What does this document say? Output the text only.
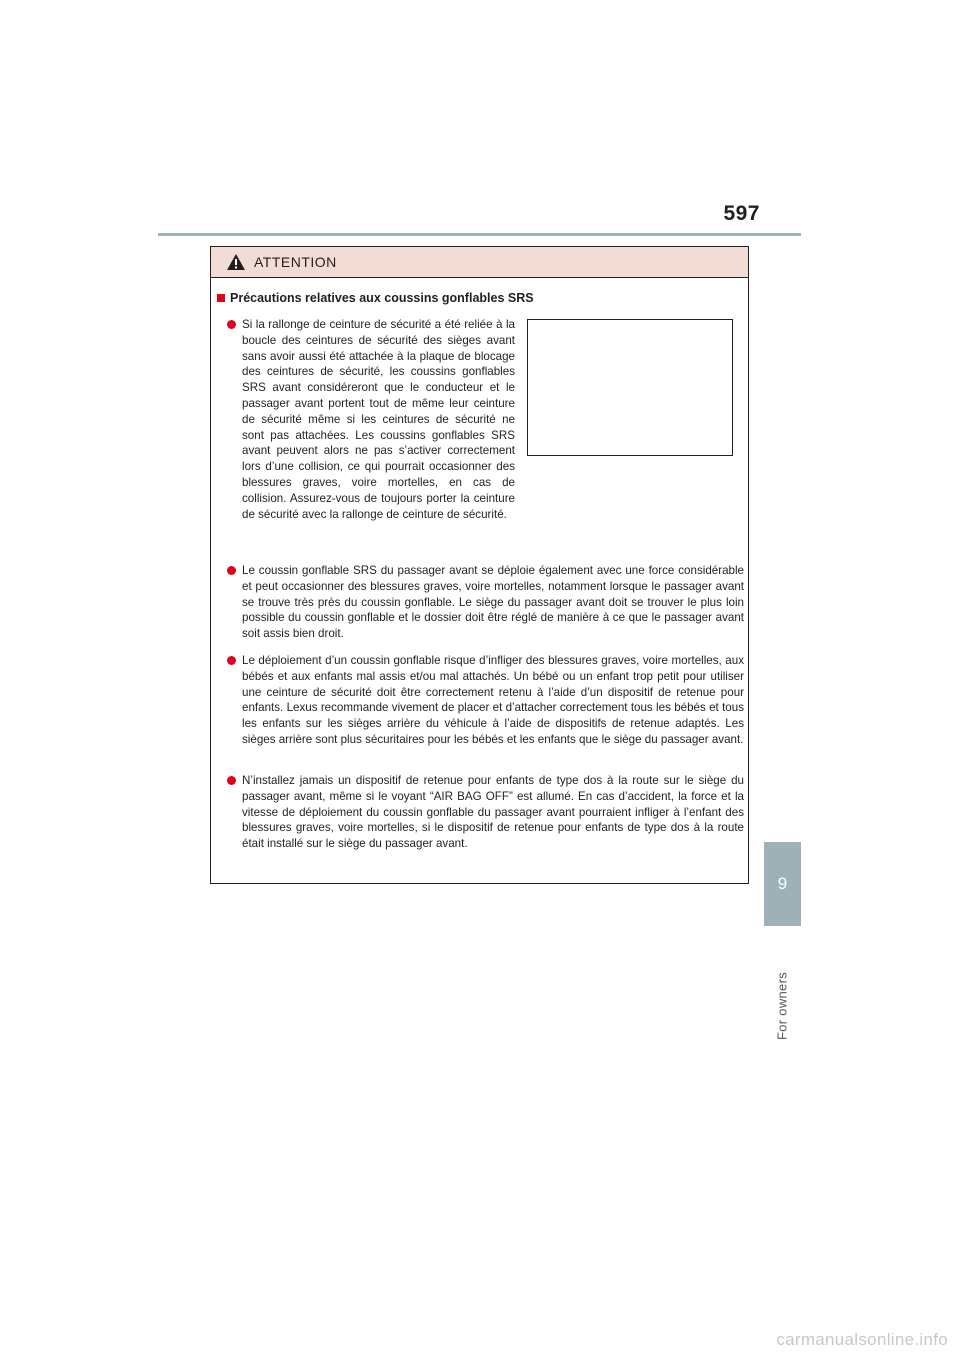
597
9
For owners
ATTENTION
Précautions relatives aux coussins gonflables SRS
Si la rallonge de ceinture de sécurité a été reliée à la boucle des ceintures de sécurité des sièges avant sans avoir aussi été attachée à la plaque de blocage des ceintures de sécurité, les coussins gonflables SRS avant considéreront que le conducteur et le passager avant portent tout de même leur ceinture de sécurité même si les ceintures de sécurité ne sont pas attachées. Les coussins gonflables SRS avant peuvent alors ne pas s’activer correctement lors d’une collision, ce qui pourrait occasionner des blessures graves, voire mortelles, en cas de collision. Assurez-vous de toujours porter la ceinture de sécurité avec la rallonge de ceinture de sécurité.
Le coussin gonflable SRS du passager avant se déploie également avec une force considérable et peut occasionner des blessures graves, voire mortelles, notamment lorsque le passager avant se trouve très près du coussin gonflable. Le siège du passager avant doit se trouver le plus loin possible du coussin gonflable et le dossier doit être réglé de manière à ce que le passager avant soit assis bien droit.
Le déploiement d’un coussin gonflable risque d’infliger des blessures graves, voire mortelles, aux bébés et aux enfants mal assis et/ou mal attachés. Un bébé ou un enfant trop petit pour utiliser une ceinture de sécurité doit être correctement retenu à l’aide d’un dispositif de retenue pour enfants. Lexus recommande vivement de placer et d’attacher correctement tous les bébés et tous les enfants sur les sièges arrière du véhicule à l’aide de dispositifs de retenue adaptés. Les sièges arrière sont plus sécuritaires pour les bébés et les enfants que le siège du passager avant.
N’installez jamais un dispositif de retenue pour enfants de type dos à la route sur le siège du passager avant, même si le voyant “AIR BAG OFF” est allumé. En cas d’accident, la force et la vitesse de déploiement du coussin gonflable du passager avant pourraient infliger à l’enfant des blessures graves, voire mortelles, si le dispositif de retenue pour enfants de type dos à la route était installé sur le siège du passager avant.
carmanualsonline.info
